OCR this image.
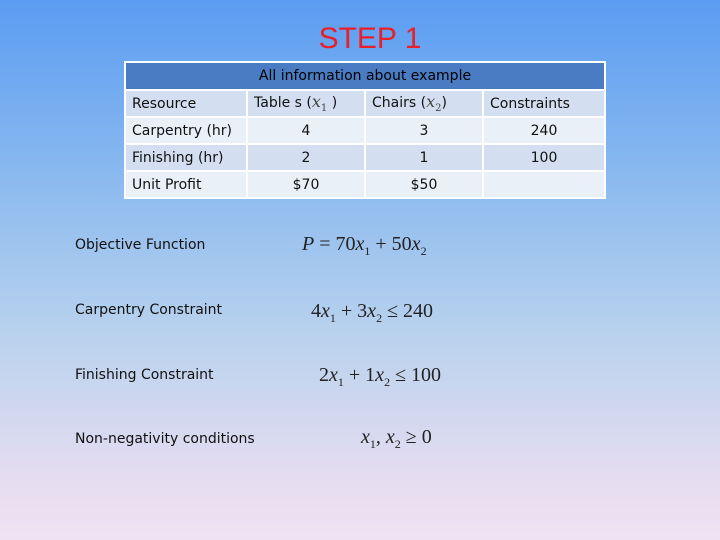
STEP 1
All information about example			
Resource	Table s ($x_1$ )	Chairs $(x_2)$	Constraints
Carpentry (hr)	4	3	240
Finishing (hr)	2	1	100
Unit Profit	$70	$50	
Objective Function	$P = 70x_1 + 50x_2$
Carpentry Constraint	$4x_1 + 3x_2 \le 240$
Finishing Constraint	$2x_1 + 1x_2 \le 100$
Non-negativity conditions	$x_1$, $x_2 \ge 0$
